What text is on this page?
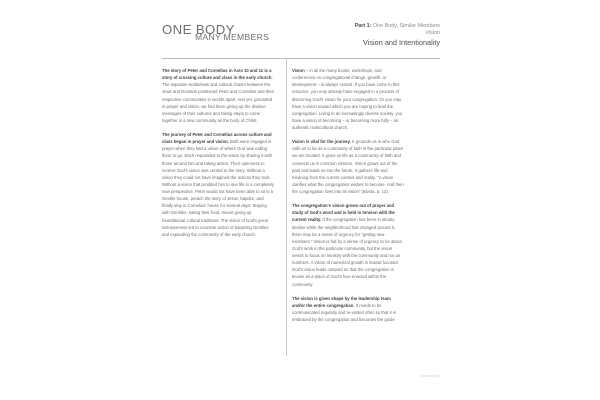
ONE BODY
MANY MEMBERS
Part 1: One Body, Similar Members
Vision
Vision and Intentionality

The story of Peter and Cornelius in Acts 10 and 11 is a story of crossing culture and class in the early church. The separate worldviews and cultural chasm between the Jews and Romans positioned Peter and Cornelius and their respective communities in worlds apart. And yet, grounded in prayer and vision, we find them giving up the divisive messages of their cultures and taking steps to come together in a new community as the body of Christ.

The journey of Peter and Cornelius across culture and class began in prayer and vision. Both were engaged in prayer when they had a vision of where God was calling them to go. Each responded to the vision by sharing it with those around him and taking action. Their openness to receive God's vision was central to the story. Without a vision they could not have imagined the actions they took. Without a vision that prodded him to see life in a completely new perspective, Peter would not have been able to sit in a Gentile house, preach the story of Jesus, baptize, and finally stay in Cornelius' house for several days. Staying with Gentiles, eating their food, meant giving up foundational cultural traditions. The vision of God's great inclusiveness led to concrete action of baptizing Gentiles and expanding the community of the early church.

Vision – in all the many books, workshops, and conferences on congregational change, growth, or development – is always central. If you have come to this resource, you may already have engaged in a process of discerning God's vision for your congregation. Or you may have a vision toward which you are hoping to lead the congregation. Living in an increasingly diverse society, you have a vision of becoming – or becoming more fully – an authentic multicultural church.

Vision is vital for the journey. It grounds us in who God calls us to be as a community of faith in the particular place we are located. It gives us life as a community of faith and connects us in common mission. Vision grows out of the past and leads us into the future. It gathers life and meaning from the current context and reality. "A vision clarifies what the congregation wishes to become. And then the congregation lives into its vision" (Bivola, p. 12).

The congregation's vision grows out of prayer and study of God's word and is held in tension with the current reality. If the congregation has been in steady decline while the neighborhood has changed around it, there may be a sense of urgency for "getting new members." Vision is fed by a sense of urgency to be about God's work in the particular community, but the vision needs to focus on ministry with the community and not on numbers. A vision of numerical growth is inward focused. God's vision leads outward so that the congregation is known as a place of God's love enacted within the community.

The vision is given shape by the leadership team and/or the entire congregation. It needs to be communicated regularly and re-visited often so that it is embraced by the congregation and becomes the guide

(continued)
